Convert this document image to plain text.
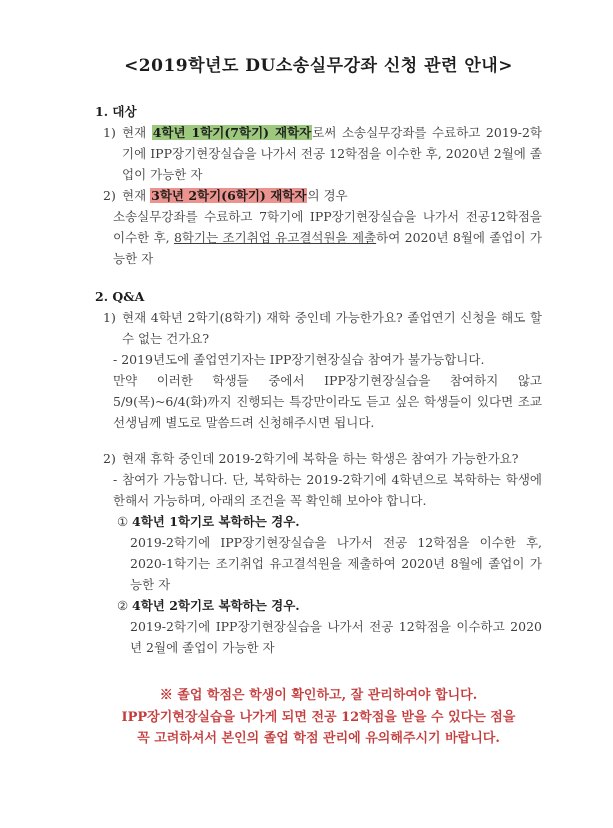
<2019학년도 DU소송실무강좌 신청 관련 안내>
1. 대상
1) 현재 4학년 1학기(7학기) 재학자로써 소송실무강좌를 수료하고 2019-2학기에 IPP장기현장실습을 나가서 전공 12학점을 이수한 후, 2020년 2월에 졸업이 가능한 자
2) 현재 3학년 2학기(6학기) 재학자의 경우
소송실무강좌를 수료하고 7학기에 IPP장기현장실습을 나가서 전공12학점을 이수한 후, 8학기는 조기취업 유고결석원을 제출하여 2020년 8월에 졸업이 가능한 자
2. Q&A
1) 현재 4학년 2학기(8학기) 재학 중인데 가능한가요? 졸업연기 신청을 해도 할 수 없는 건가요?
- 2019년도에 졸업연기자는 IPP장기현장실습 참여가 불가능합니다.
만약 이러한 학생들 중에서 IPP장기현장실습을 참여하지 않고 5/9(목)~6/4(화)까지 진행되는 특강만이라도 듣고 싶은 학생들이 있다면 조교선생님께 별도로 말씀드려 신청해주시면 됩니다.
2) 현재 휴학 중인데 2019-2학기에 복학을 하는 학생은 참여가 가능한가요?
- 참여가 가능합니다. 단, 복학하는 2019-2학기에 4학년으로 복학하는 학생에 한해서 가능하며, 아래의 조건을 꼭 확인해 보아야 합니다.
① 4학년 1학기로 복학하는 경우.
2019-2학기에 IPP장기현장실습을 나가서 전공 12학점을 이수한 후, 2020-1학기는 조기취업 유고결석원을 제출하여 2020년 8월에 졸업이 가능한 자
② 4학년 2학기로 복학하는 경우.
2019-2학기에 IPP장기현장실습을 나가서 전공 12학점을 이수하고 2020년 2월에 졸업이 가능한 자
※ 졸업 학점은 학생이 확인하고, 잘 관리하여야 합니다.
IPP장기현장실습을 나가게 되면 전공 12학점을 받을 수 있다는 점을
꼭 고려하셔서 본인의 졸업 학점 관리에 유의해주시기 바랍니다.
